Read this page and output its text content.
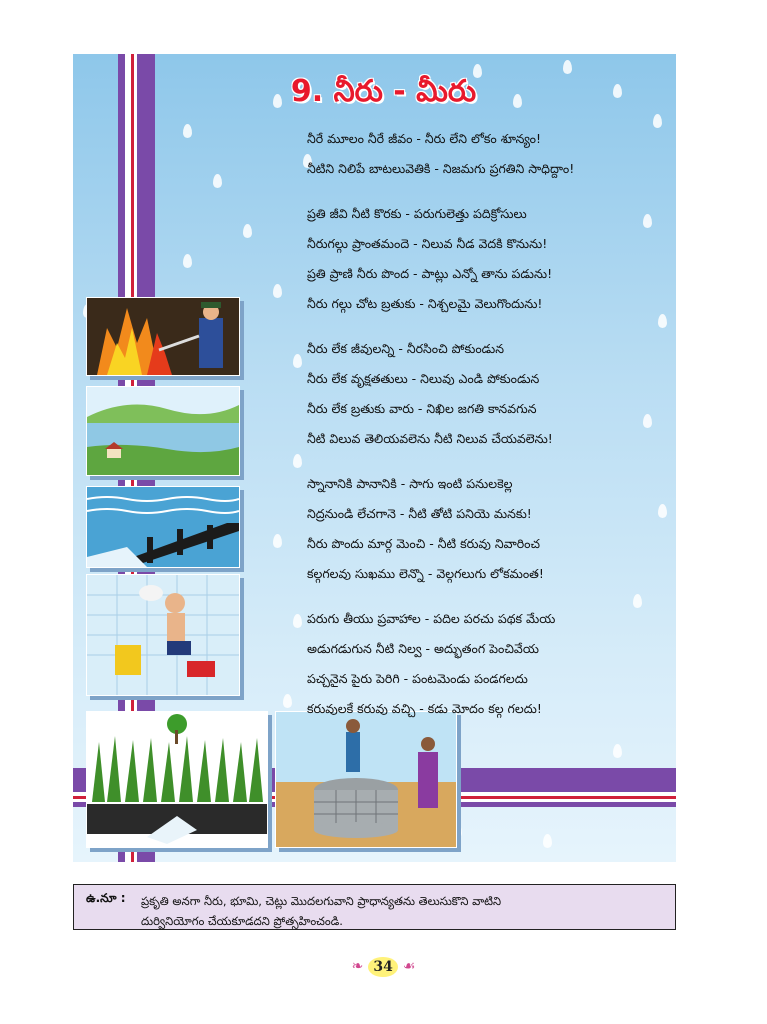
9. నీరు - మీరు
నీరే మూలం నీరే జీవం - నీరు లేని లోకం శూన్యం!
నీటిని నిలిపే బాటలువెతికి - నిజమగు ప్రగతిని సాధిద్దాం!
ప్రతి జీవి నీటి కొరకు - పరుగులెత్తు పదిక్రోసులు
నీరుగల్గు ప్రాంతమందె - నిలువ నీడ వెదకి కొనును!
ప్రతి ప్రాణి నీరు పొంద - పాట్లు ఎన్నో తాను పడును!
నీరు గల్గు చోట బ్రతుకు - నిశ్చలమై వెలుగొందును!
నీరు లేక జీవులన్ని - నీరసించి పోకుండున
నీరు లేక వృక్షతతులు - నిలువు ఎండి పోకుండున
నీరు లేక బ్రతుకు వారు - నిఖిల జగతి కానవగున
నీటి విలువ తెలియవలెను నీటి నిలువ చేయవలెను!
స్నానానికి పానానికి - సాగు ఇంటి పనులకెల్ల
నిద్రనుండి లేచగానె - నీటి తోటి పనియె మనకు!
నీరు పొందు మార్గ మెంచి - నీటి కరువు నివారించ
కల్గగలవు సుఖము లెన్నొ - వెల్గగలుగు లోకమంత!
పరుగు తీయు ప్రవాహాల - పదిల పరచు పథక మేయ
అడుగడుగున నీటి నిల్వ - అద్భుతంగ పెంచివేయ
పచ్చనైన పైరు పెరిగి - పంటమెండు పండగలదు
కరువులకే కరువు వచ్చి - కడు మోదం కల్గ గలదు!
ఉ.నూ : ప్రకృతి అనగా నీరు, భూమి, చెట్లు మొదలగువాని ప్రాధాన్యతను తెలుసుకొని వాటిని
దుర్వినియోగం చేయకూడదని ప్రోత్సహించండి.
❧ 34 ☙
